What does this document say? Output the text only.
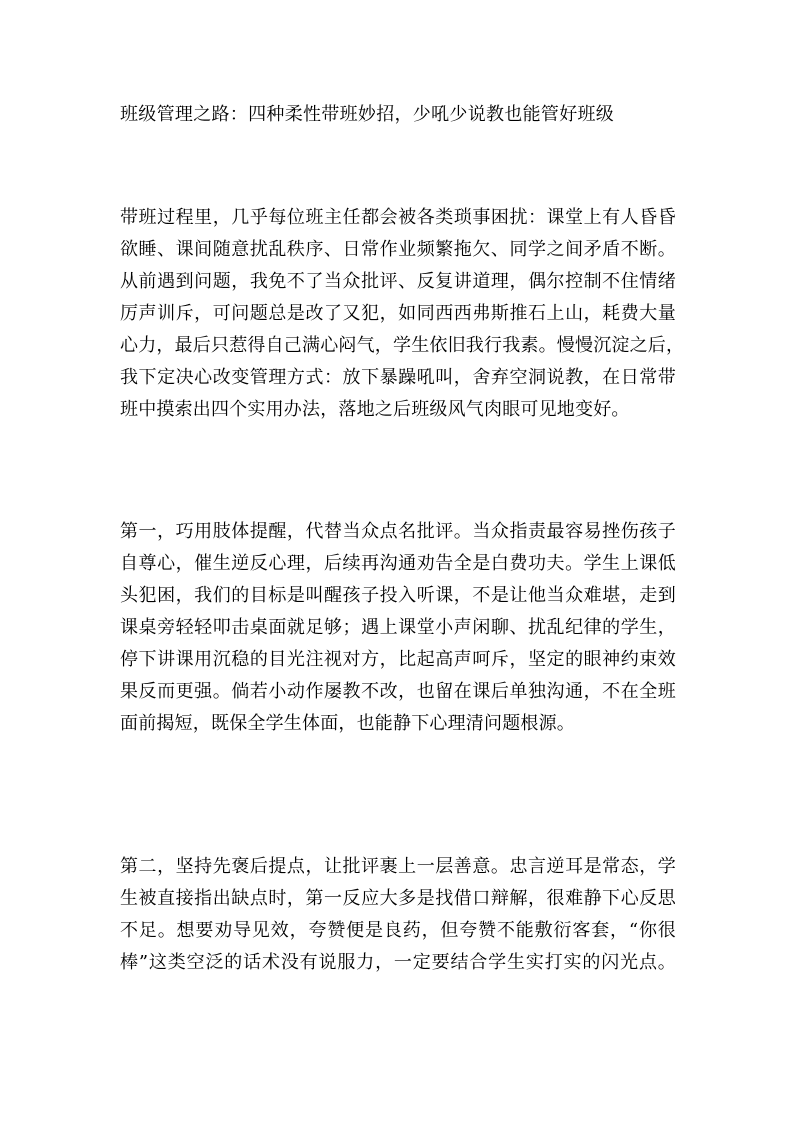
班级管理之路：四种柔性带班妙招，少吼少说教也能管好班级
带班过程里，几乎每位班主任都会被各类琐事困扰：课堂上有人昏昏
欲睡、课间随意扰乱秩序、日常作业频繁拖欠、同学之间矛盾不断。
从前遇到问题，我免不了当众批评、反复讲道理，偶尔控制不住情绪
厉声训斥，可问题总是改了又犯，如同西西弗斯推石上山，耗费大量
心力，最后只惹得自己满心闷气，学生依旧我行我素。慢慢沉淀之后，
我下定决心改变管理方式：放下暴躁吼叫，舍弃空洞说教，在日常带
班中摸索出四个实用办法，落地之后班级风气肉眼可见地变好。
第一，巧用肢体提醒，代替当众点名批评。当众指责最容易挫伤孩子
自尊心，催生逆反心理，后续再沟通劝告全是白费功夫。学生上课低
头犯困，我们的目标是叫醒孩子投入听课，不是让他当众难堪，走到
课桌旁轻轻叩击桌面就足够；遇上课堂小声闲聊、扰乱纪律的学生，
停下讲课用沉稳的目光注视对方，比起高声呵斥，坚定的眼神约束效
果反而更强。倘若小动作屡教不改，也留在课后单独沟通，不在全班
面前揭短，既保全学生体面，也能静下心理清问题根源。
第二，坚持先褒后提点，让批评裹上一层善意。忠言逆耳是常态，学
生被直接指出缺点时，第一反应大多是找借口辩解，很难静下心反思
不足。想要劝导见效，夸赞便是良药，但夸赞不能敷衍客套，“你很
棒”这类空泛的话术没有说服力，一定要结合学生实打实的闪光点。
